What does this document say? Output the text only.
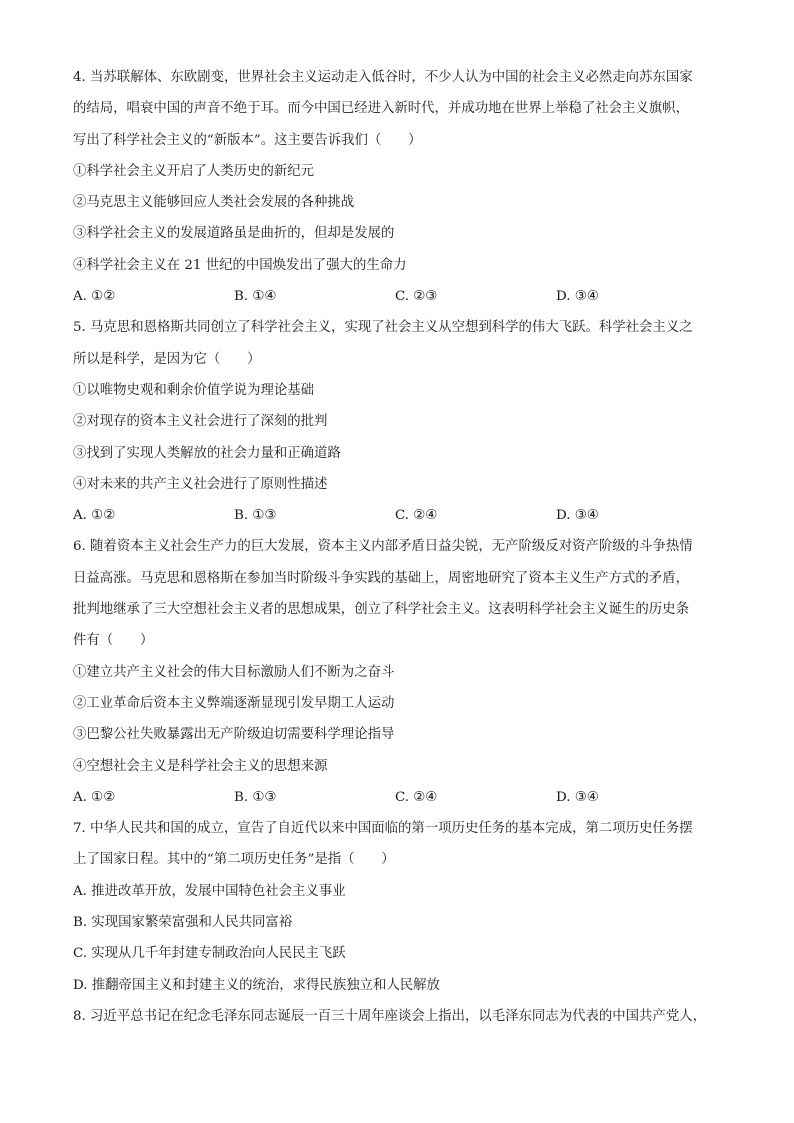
4. 当苏联解体、东欧剧变，世界社会主义运动走入低谷时，不少人认为中国的社会主义必然走向苏东国家
的结局，唱衰中国的声音不绝于耳。而今中国已经进入新时代，并成功地在世界上举稳了社会主义旗帜，
写出了科学社会主义的“新版本”。这主要告诉我们（　　）
①科学社会主义开启了人类历史的新纪元
②马克思主义能够回应人类社会发展的各种挑战
③科学社会主义的发展道路虽是曲折的，但却是发展的
④科学社会主义在 21 世纪的中国焕发出了强大的生命力
A. ①②	B. ①④	C. ②③	D. ③④
5. 马克思和恩格斯共同创立了科学社会主义，实现了社会主义从空想到科学的伟大飞跃。科学社会主义之
所以是科学，是因为它（　　）
①以唯物史观和剩余价值学说为理论基础
②对现存的资本主义社会进行了深刻的批判
③找到了实现人类解放的社会力量和正确道路
④对未来的共产主义社会进行了原则性描述
A. ①②	B. ①③	C. ②④	D. ③④
6. 随着资本主义社会生产力的巨大发展，资本主义内部矛盾日益尖锐，无产阶级反对资产阶级的斗争热情
日益高涨。马克思和恩格斯在参加当时阶级斗争实践的基础上，周密地研究了资本主义生产方式的矛盾，
批判地继承了三大空想社会主义者的思想成果，创立了科学社会主义。这表明科学社会主义诞生的历史条
件有（　　）
①建立共产主义社会的伟大目标激励人们不断为之奋斗
②工业革命后资本主义弊端逐渐显现引发早期工人运动
③巴黎公社失败暴露出无产阶级迫切需要科学理论指导
④空想社会主义是科学社会主义的思想来源
A. ①②	B. ①③	C. ②④	D. ③④
7. 中华人民共和国的成立，宣告了自近代以来中国面临的第一项历史任务的基本完成，第二项历史任务摆
上了国家日程。其中的“第二项历史任务”是指（　　）
A. 推进改革开放，发展中国特色社会主义事业
B. 实现国家繁荣富强和人民共同富裕
C. 实现从几千年封建专制政治向人民民主飞跃
D. 推翻帝国主义和封建主义的统治，求得民族独立和人民解放
8. 习近平总书记在纪念毛泽东同志诞辰一百三十周年座谈会上指出，以毛泽东同志为代表的中国共产党人，
